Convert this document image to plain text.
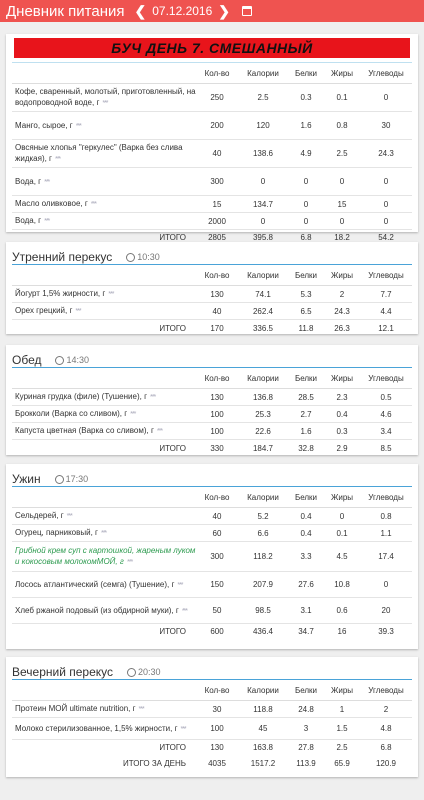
Дневник питания ❮ 07.12.2016 ❯
БУЧ ДЕНЬ 7. СМЕШАННЫЙ
	Кол-во	Калории	Белки	Жиры	Углеводы
Кофе, сваренный, молотый, приготовленный, на водопроводной воде, г ***	250	2.5	0.3	0.1	0
Манго, сырое, г ***	200	120	1.6	0.8	30
Овсяные хлопья "геркулес" (Варка без слива жидкая), г ***	40	138.6	4.9	2.5	24.3
Вода, г ***	300	0	0	0	0
Масло оливковое, г ***	15	134.7	0	15	0
Вода, г ***	2000	0	0	0	0
ИТОГО	2805	395.8	6.8	18.2	54.2
Утренний перекус	10:30
	Кол-во	Калории	Белки	Жиры	Углеводы
Йогурт 1,5% жирности, г ***	130	74.1	5.3	2	7.7
Орех грецкий, г ***	40	262.4	6.5	24.3	4.4
ИТОГО	170	336.5	11.8	26.3	12.1
Обед	14:30
	Кол-во	Калории	Белки	Жиры	Углеводы
Куриная грудка (филе) (Тушение), г ***	130	136.8	28.5	2.3	0.5
Брокколи (Варка со сливом), г ***	100	25.3	2.7	0.4	4.6
Капуста цветная (Варка со сливом), г ***	100	22.6	1.6	0.3	3.4
ИТОГО	330	184.7	32.8	2.9	8.5
Ужин	17:30
	Кол-во	Калории	Белки	Жиры	Углеводы
Сельдерей, г ***	40	5.2	0.4	0	0.8
Огурец, парниковый, г ***	60	6.6	0.4	0.1	1.1
Грибной крем суп с картошкой, жареным луком и кокосовым молокомМОЙ, г ***	300	118.2	3.3	4.5	17.4
Лосось атлантический (семга) (Тушение), г ***	150	207.9	27.6	10.8	0
Хлеб ржаной подовый (из обдирной муки), г ***	50	98.5	3.1	0.6	20
ИТОГО	600	436.4	34.7	16	39.3
Вечерний перекус	20:30
	Кол-во	Калории	Белки	Жиры	Углеводы
Протеин МОЙ ultimate nutrition, г ***	30	118.8	24.8	1	2
Молоко стерилизованное, 1,5% жирности, г ***	100	45	3	1.5	4.8
ИТОГО	130	163.8	27.8	2.5	6.8
ИТОГО ЗА ДЕНЬ	4035	1517.2	113.9	65.9	120.9
